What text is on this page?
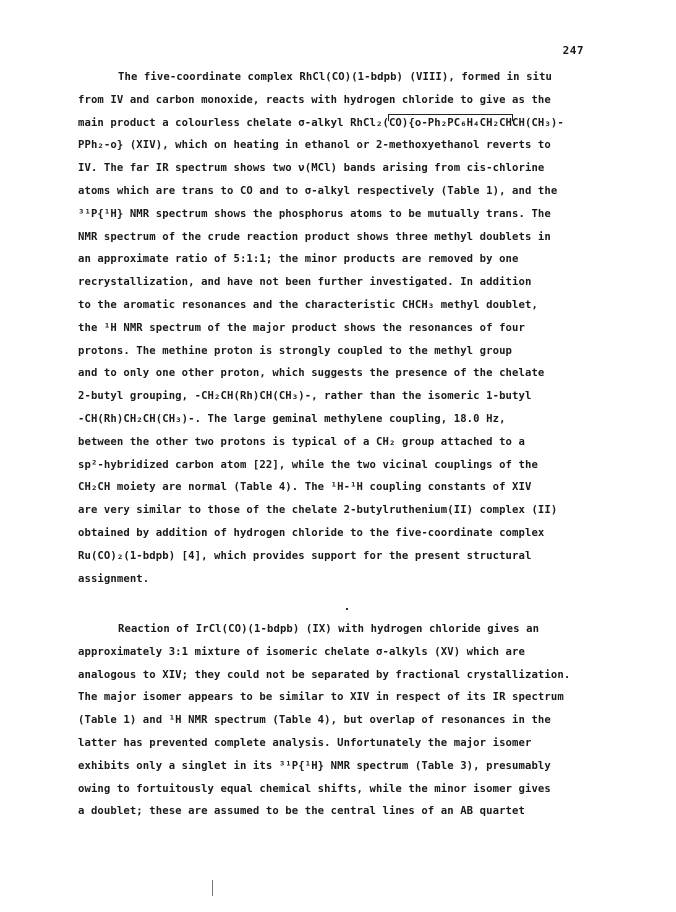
247
The five-coordinate complex RhCl(CO)(1-bdpb) (VIII), formed in situ
from IV and carbon monoxide, reacts with hydrogen chloride to give as the
main product a colourless chelate σ-alkyl RhCl₂(CO){o-Ph₂PC₆H₄CH₂CHCH(CH₃)-
PPh₂-o} (XIV), which on heating in ethanol or 2-methoxyethanol reverts to
IV. The far IR spectrum shows two ν(MCl) bands arising from cis-chlorine
atoms which are trans to CO and to σ-alkyl respectively (Table 1), and the
³¹P{¹H} NMR spectrum shows the phosphorus atoms to be mutually trans. The
NMR spectrum of the crude reaction product shows three methyl doublets in
an approximate ratio of 5:1:1; the minor products are removed by one
recrystallization, and have not been further investigated. In addition
to the aromatic resonances and the characteristic CHCH₃ methyl doublet,
the ¹H NMR spectrum of the major product shows the resonances of four
protons. The methine proton is strongly coupled to the methyl group
and to only one other proton, which suggests the presence of the chelate
2-butyl grouping, -CH₂CH(Rh)CH(CH₃)-, rather than the isomeric 1-butyl
-CH(Rh)CH₂CH(CH₃)-. The large geminal methylene coupling, 18.0 Hz,
between the other two protons is typical of a CH₂ group attached to a
sp²-hybridized carbon atom [22], while the two vicinal couplings of the
CH₂CH moiety are normal (Table 4). The ¹H-¹H coupling constants of XIV
are very similar to those of the chelate 2-butylruthenium(II) complex (II)
obtained by addition of hydrogen chloride to the five-coordinate complex
Ru(CO)₂(1-bdpb) [4], which provides support for the present structural
assignment.
Reaction of IrCl(CO)(1-bdpb) (IX) with hydrogen chloride gives an
approximately 3:1 mixture of isomeric chelate σ-alkyls (XV) which are
analogous to XIV; they could not be separated by fractional crystallization.
The major isomer appears to be similar to XIV in respect of its IR spectrum
(Table 1) and ¹H NMR spectrum (Table 4), but overlap of resonances in the
latter has prevented complete analysis. Unfortunately the major isomer
exhibits only a singlet in its ³¹P{¹H} NMR spectrum (Table 3), presumably
owing to fortuitously equal chemical shifts, while the minor isomer gives
a doublet; these are assumed to be the central lines of an AB quartet
